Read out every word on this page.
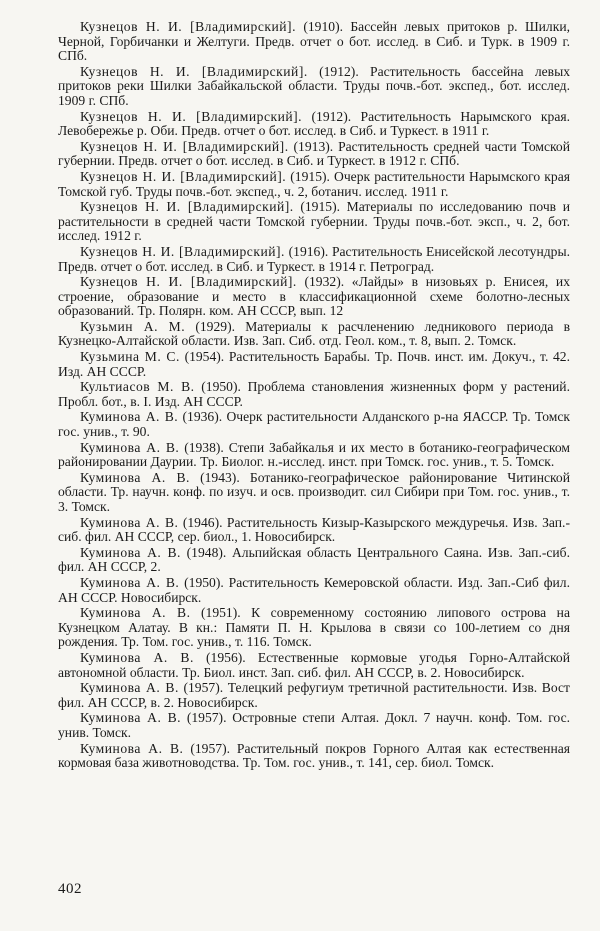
Кузнецов Н. И. [Владимирский]. (1910). Бассейн левых притоков р. Шилки, Черной, Горбичанки и Желтуги. Предв. отчет о бот. исслед. в Сиб. и Турк. в 1909 г. СПб.

Кузнецов Н. И. [Владимирский]. (1912). Растительность бассейна левых притоков реки Шилки Забайкальской области. Труды почв.-бот. экспед., бот. исслед. 1909 г. СПб.

Кузнецов Н. И. [Владимирский]. (1912). Растительность Нарымского края. Левобережье р. Оби. Предв. отчет о бот. исслед. в Сиб. и Туркест. в 1911 г.

Кузнецов Н. И. [Владимирский]. (1913). Растительность средней части Томской губернии. Предв. отчет о бот. исслед. в Сиб. и Туркест. в 1912 г. СПб.

Кузнецов Н. И. [Владимирский]. (1915). Очерк растительности Нарымского края Томской губ. Труды почв.-бот. экспед., ч. 2, ботанич. исслед. 1911 г.

Кузнецов Н. И. [Владимирский]. (1915). Материалы по исследованию почв и растительности в средней части Томской губернии. Труды почв.-бот. эксп., ч. 2, бот. исслед. 1912 г.

Кузнецов Н. И. [Владимирский]. (1916). Растительность Енисейской лесотундры. Предв. отчет о бот. исслед. в Сиб. и Туркест. в 1914 г. Петроград.

Кузнецов Н. И. [Владимирский]. (1932). «Лайды» в низовьях р. Енисея, их строение, образование и место в классификационной схеме болотно-лесных образований. Тр. Полярн. ком. АН СССР, вып. 12

Кузьмин А. М. (1929). Материалы к расчленению ледникового периода в Кузнецко-Алтайской области. Изв. Зап. Сиб. отд. Геол. ком., т. 8, вып. 2. Томск.

Кузьмина М. С. (1954). Растительность Барабы. Тр. Почв. инст. им. Докуч., т. 42. Изд. АН СССР.

Культиасов М. В. (1950). Проблема становления жизненных форм у растений. Пробл. бот., в. I. Изд. АН СССР.

Куминова А. В. (1936). Очерк растительности Алданского р-на ЯАССР. Тр. Томск гос. унив., т. 90.

Куминова А. В. (1938). Степи Забайкалья и их место в ботанико-географическом районировании Даурии. Тр. Биолог. н.-исслед. инст. при Томск. гос. унив., т. 5. Томск.

Куминова А. В. (1943). Ботанико-географическое районирование Читинской области. Тр. научн. конф. по изуч. и осв. производит. сил Сибири при Том. гос. унив., т. 3. Томск.

Куминова А. В. (1946). Растительность Кизыр-Казырского междуречья. Изв. Зап.-сиб. фил. АН СССР, сер. биол., 1. Новосибирск.

Куминова А. В. (1948). Альпийская область Центрального Саяна. Изв. Зап.-сиб. фил. АН СССР, 2.

Куминова А. В. (1950). Растительность Кемеровской области. Изд. Зап.-Сиб фил. АН СССР. Новосибирск.

Куминова А. В. (1951). К современному состоянию липового острова на Кузнецком Алатау. В кн.: Памяти П. Н. Крылова в связи со 100-летием со дня рождения. Тр. Том. гос. унив., т. 116. Томск.

Куминова А. В. (1956). Естественные кормовые угодья Горно-Алтайской автономной области. Тр. Биол. инст. Зап. сиб. фил. АН СССР, в. 2. Новосибирск.

Куминова А. В. (1957). Телецкий рефугиум третичной растительности. Изв. Вост фил. АН СССР, в. 2. Новосибирск.

Куминова А. В. (1957). Островные степи Алтая. Докл. 7 научн. конф. Том. гос. унив. Томск.

Куминова А. В. (1957). Растительный покров Горного Алтая как естественная кормовая база животноводства. Тр. Том. гос. унив., т. 141, сер. биол. Томск.

402
